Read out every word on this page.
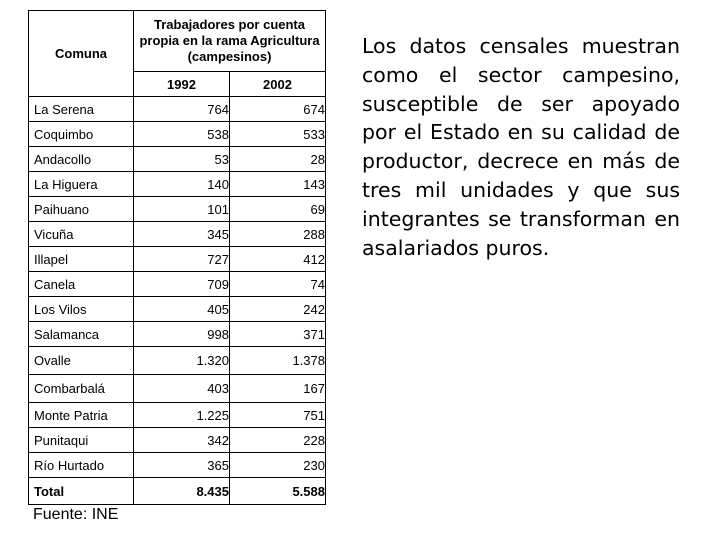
Comuna	Trabajadores por cuenta propia en la rama Agricultura (campesinos)	
	1992	2002
La Serena	764	674
Coquimbo	538	533
Andacollo	53	28
La Higuera	140	143
Paihuano	101	69
Vicuña	345	288
Illapel	727	412
Canela	709	74
Los Vilos	405	242
Salamanca	998	371
Ovalle	1.320	1.378
Combarbalá	403	167
Monte Patria	1.225	751
Punitaqui	342	228
Río Hurtado	365	230
Total	8.435	5.588
Fuente: INE
Los datos censales muestran como el sector campesino, susceptible de ser apoyado por el Estado en su calidad de productor, decrece en más de tres mil unidades y que sus integrantes se transforman en asalariados puros.
